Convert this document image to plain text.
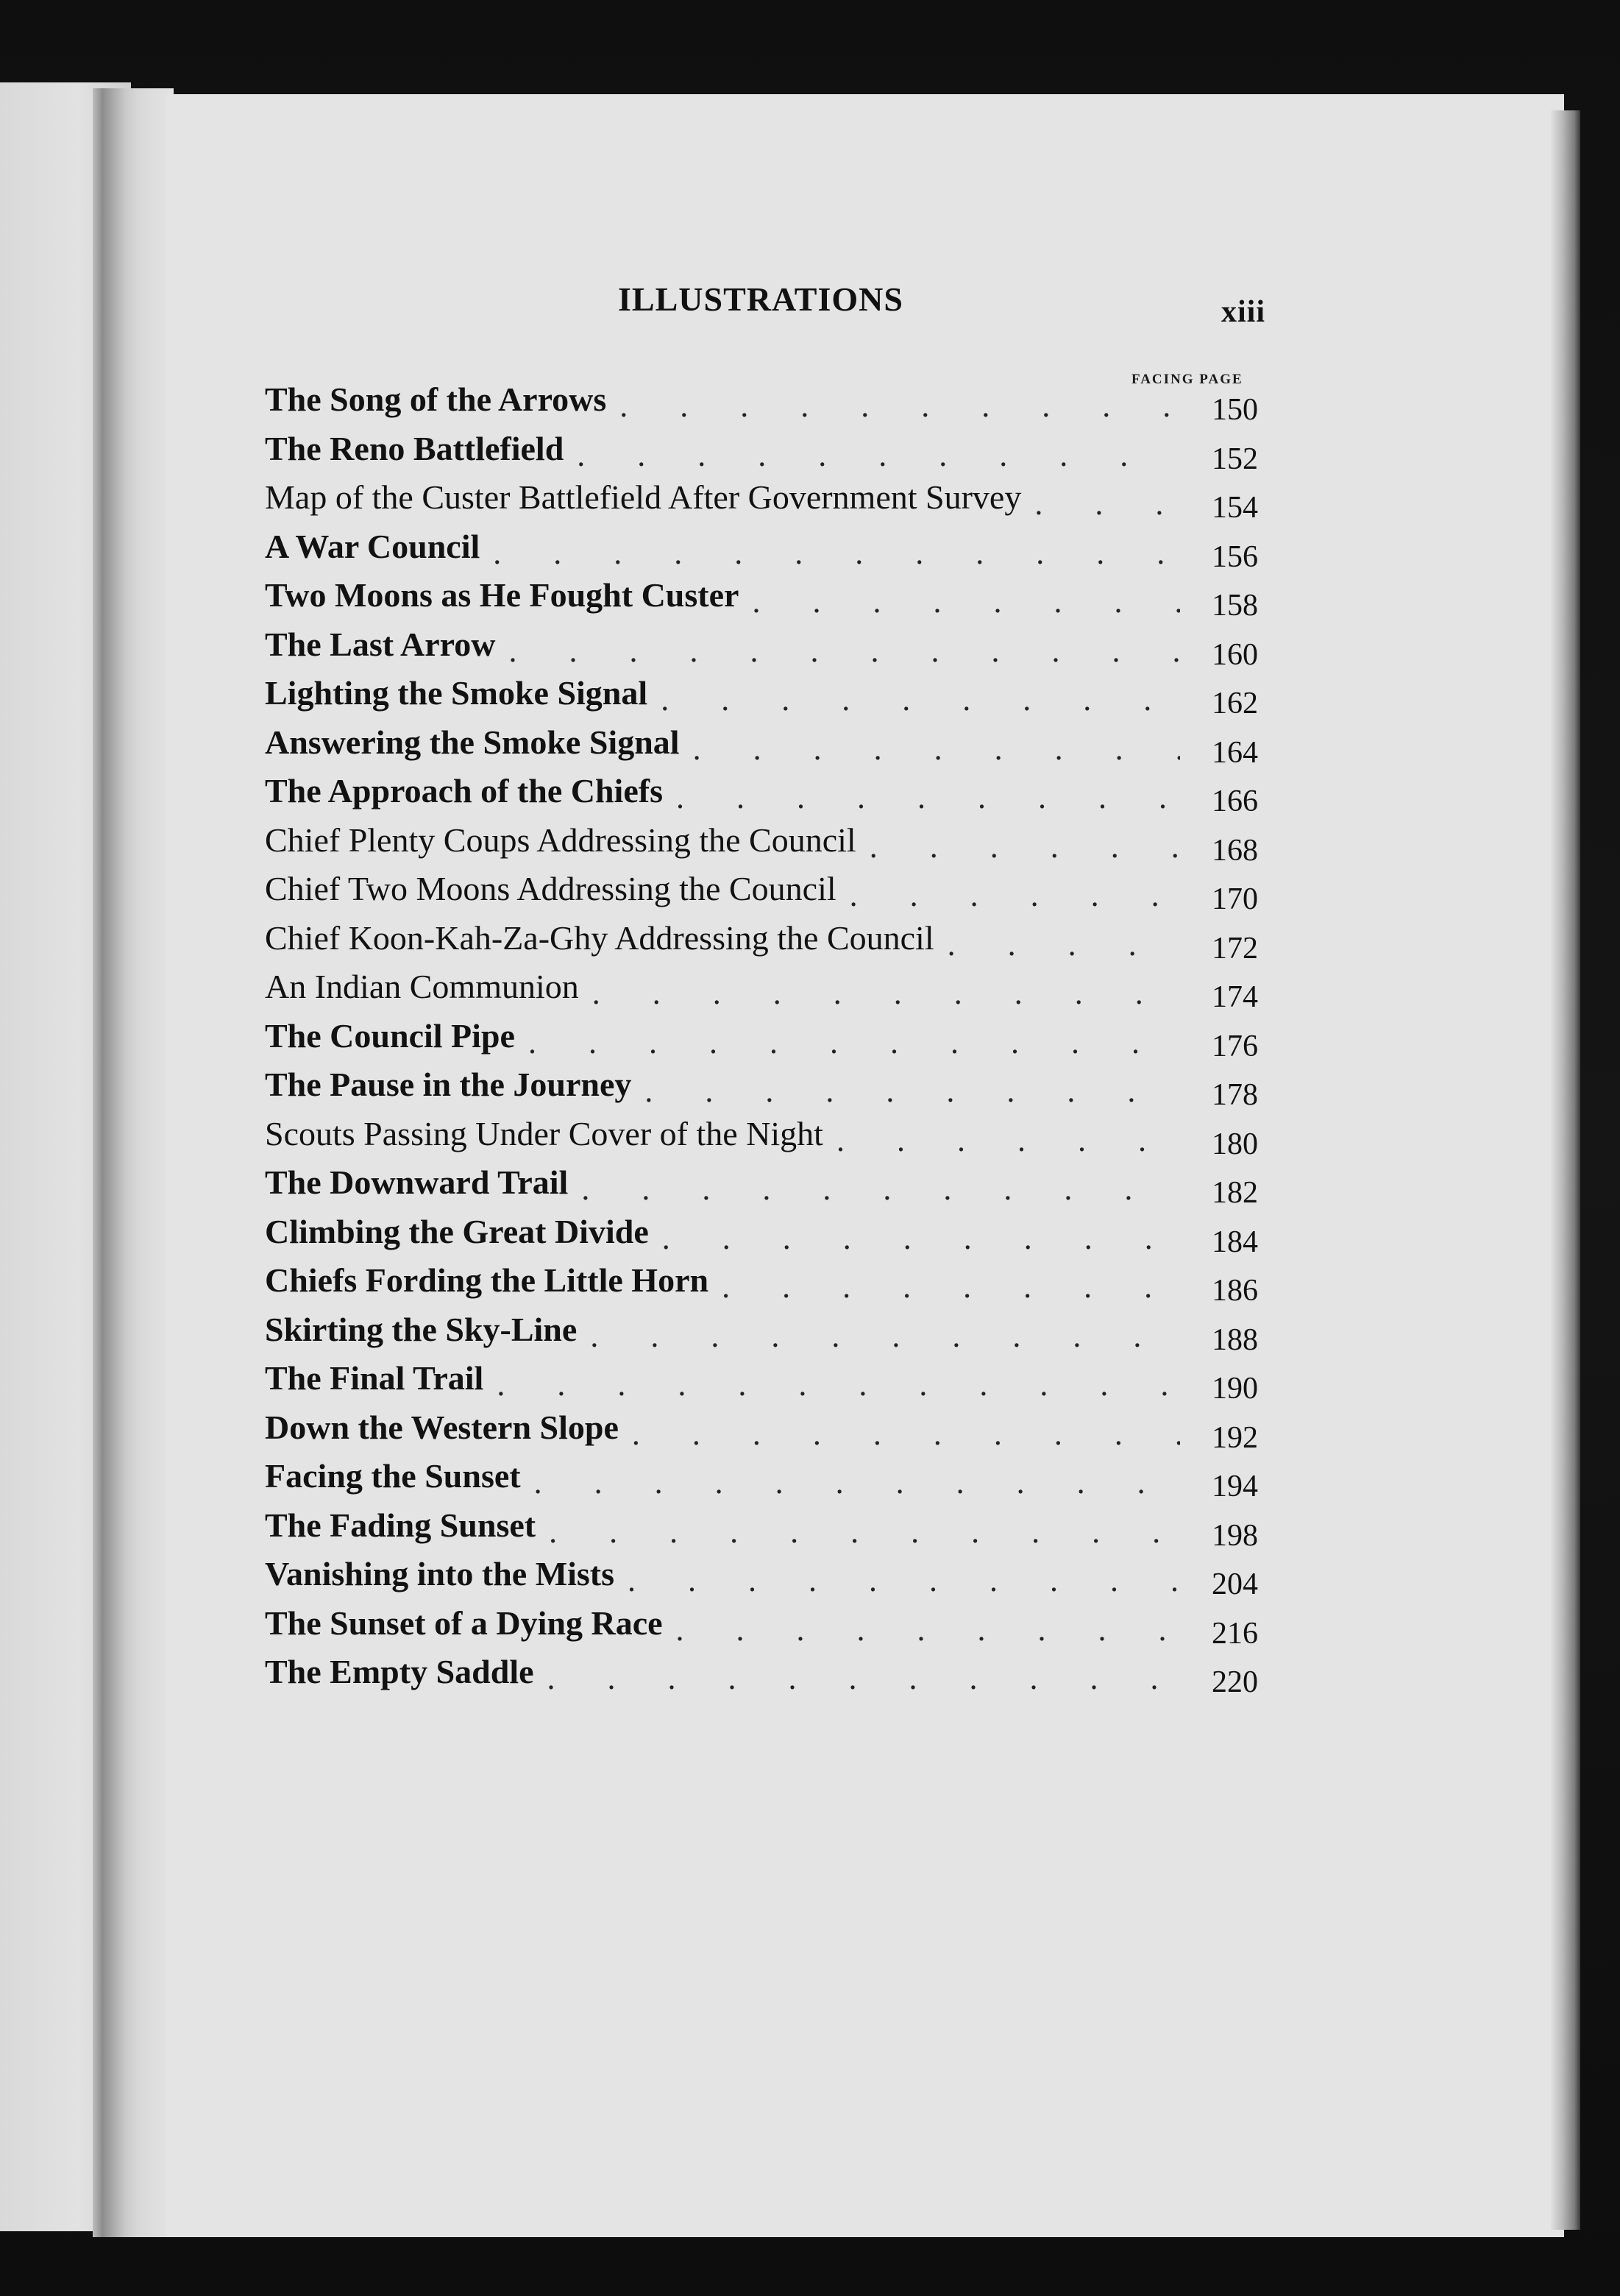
ILLUSTRATIONS	xiii
FACING PAGE
The Song of the Arrows . . .	150
The Reno Battlefield . . .	152
Map of the Custer Battlefield After Government Survey . . .	154
A War Council . . .	156
Two Moons as He Fought Custer . . .	158
The Last Arrow . . .	160
Lighting the Smoke Signal . . .	162
Answering the Smoke Signal . . .	164
The Approach of the Chiefs . . .	166
Chief Plenty Coups Addressing the Council . . .	168
Chief Two Moons Addressing the Council . . .	170
Chief Koon-Kah-Za-Ghy Addressing the Council . . .	172
An Indian Communion . . .	174
The Council Pipe . . .	176
The Pause in the Journey . . .	178
Scouts Passing Under Cover of the Night . . .	180
The Downward Trail . . .	182
Climbing the Great Divide . . .	184
Chiefs Fording the Little Horn . . .	186
Skirting the Sky-Line . . .	188
The Final Trail . . .	190
Down the Western Slope . . .	192
Facing the Sunset . . .	194
The Fading Sunset . . .	198
Vanishing into the Mists . . .	204
The Sunset of a Dying Race . . .	216
The Empty Saddle . . .	220
